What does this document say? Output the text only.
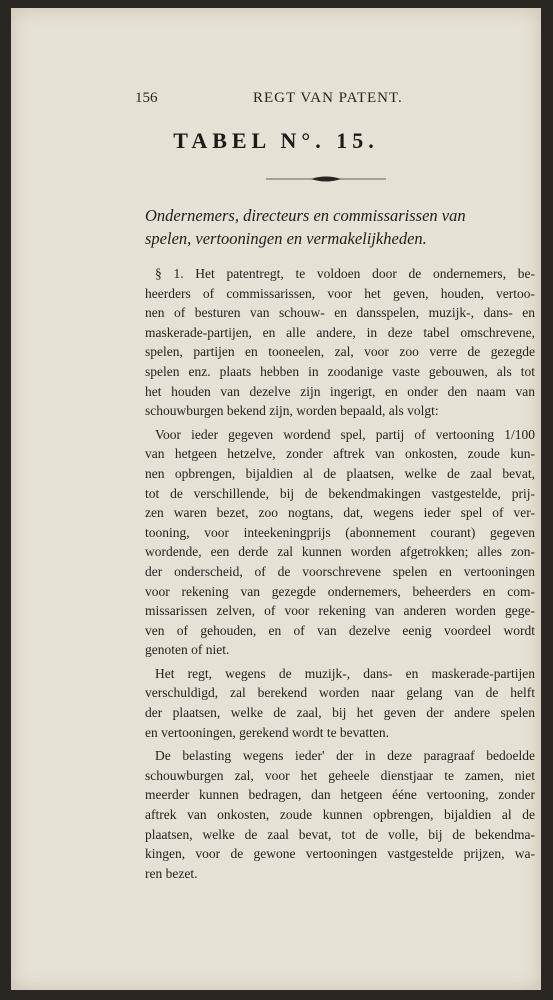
156	REGT VAN PATENT.
TABEL N°. 15.
Ondernemers, directeurs en commissarissen van
spelen, vertooningen en vermakelijkheden.
§ 1. Het patentregt, te voldoen door de ondernemers, be-
heerders of commissarissen, voor het geven, houden, vertoo-
nen of besturen van schouw- en dansspelen, muzijk-, dans- en
maskerade-partijen, en alle andere, in deze tabel omschrevene,
spelen, partijen en tooneelen, zal, voor zoo verre de gezegde
spelen enz. plaats hebben in zoodanige vaste gebouwen, als tot
het houden van dezelve zijn ingerigt, en onder den naam van
schouwburgen bekend zijn, worden bepaald, als volgt:
Voor ieder gegeven wordend spel, partij of vertooning 1/100
van hetgeen hetzelve, zonder aftrek van onkosten, zoude kun-
nen opbrengen, bijaldien al de plaatsen, welke de zaal bevat,
tot de verschillende, bij de bekendmakingen vastgestelde, prij-
zen waren bezet, zoo nogtans, dat, wegens ieder spel of ver-
tooning, voor inteekeningprijs (abonnement courant) gegeven
wordende, een derde zal kunnen worden afgetrokken; alles zon-
der onderscheid, of de voorschrevene spelen en vertooningen
voor rekening van gezegde ondernemers, beheerders en com-
missarissen zelven, of voor rekening van anderen worden gege-
ven of gehouden, en of van dezelve eenig voordeel wordt
genoten of niet.
Het regt, wegens de muzijk-, dans- en maskerade-partijen
verschuldigd, zal berekend worden naar gelang van de helft
der plaatsen, welke de zaal, bij het geven der andere spelen
en vertooningen, gerekend wordt te bevatten.
De belasting wegens ieder' der in deze paragraaf bedoelde
schouwburgen zal, voor het geheele dienstjaar te zamen, niet
meerder kunnen bedragen, dan hetgeen ééne vertooning, zonder
aftrek van onkosten, zoude kunnen opbrengen, bijaldien al de
plaatsen, welke de zaal bevat, tot de volle, bij de bekendma-
kingen, voor de gewone vertooningen vastgestelde prijzen, wa-
ren bezet.
